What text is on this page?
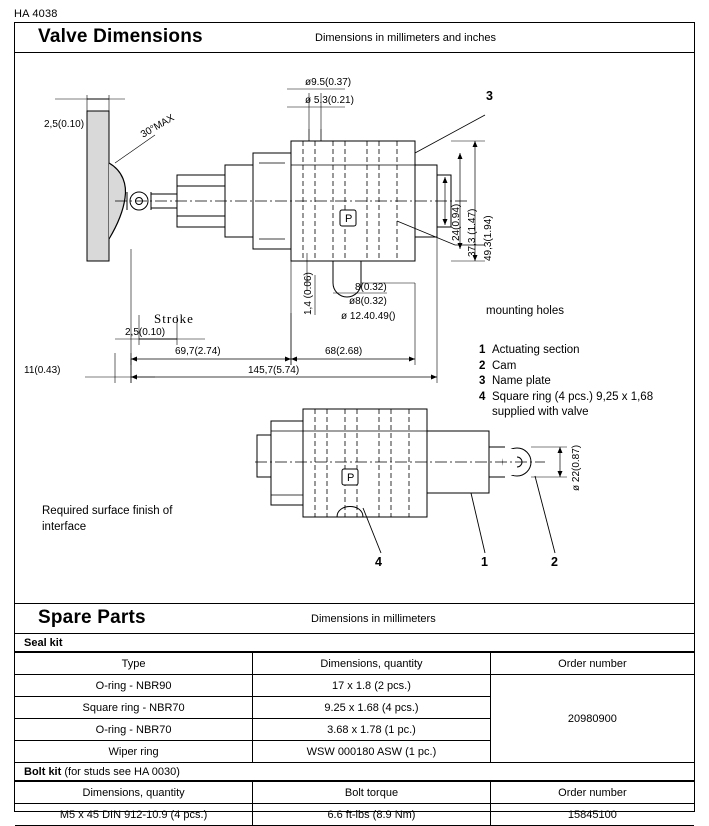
HA 4038
Valve Dimensions	Dimensions in millimeters and inches
2,5(0.10)	30°MAX
ø9.5(0.37)
ø 5.3(0.21)
49,3(1.94)
37,3 (1.47)
24(0.94)
1,4 (0.06)	8(0.32)
ø8(0.32)
ø 12.40.49()
2,5(0.10)
69,7(2.74)	68(2.68)
11(0.43)	145,7(5.74)
ø 22(0.87)
P
P
Stroke	mounting holes
Required surface finish of interface
3
4	1	2
1 Actuating section
2 Cam
3 Name plate
4 Square ring (4 pcs.) 9,25 x 1,68
supplied with valve
Spare Parts	Dimensions in millimeters
Seal kit
Type	Dimensions, quantity	Order number
O-ring - NBR90	17 x 1.8 (2 pcs.)	20980900
Square ring - NBR70	9.25 x 1.68 (4 pcs.)	
O-ring - NBR70	3.68 x 1.78 (1 pc.)	
Wiper ring	WSW 000180 ASW (1 pc.)	
Bolt kit (for studs see HA 0030)
Dimensions, quantity	Bolt torque	Order number
M5 x 45 DIN 912-10.9 (4 pcs.)	6.6 ft-lbs (8.9 Nm)	15845100
